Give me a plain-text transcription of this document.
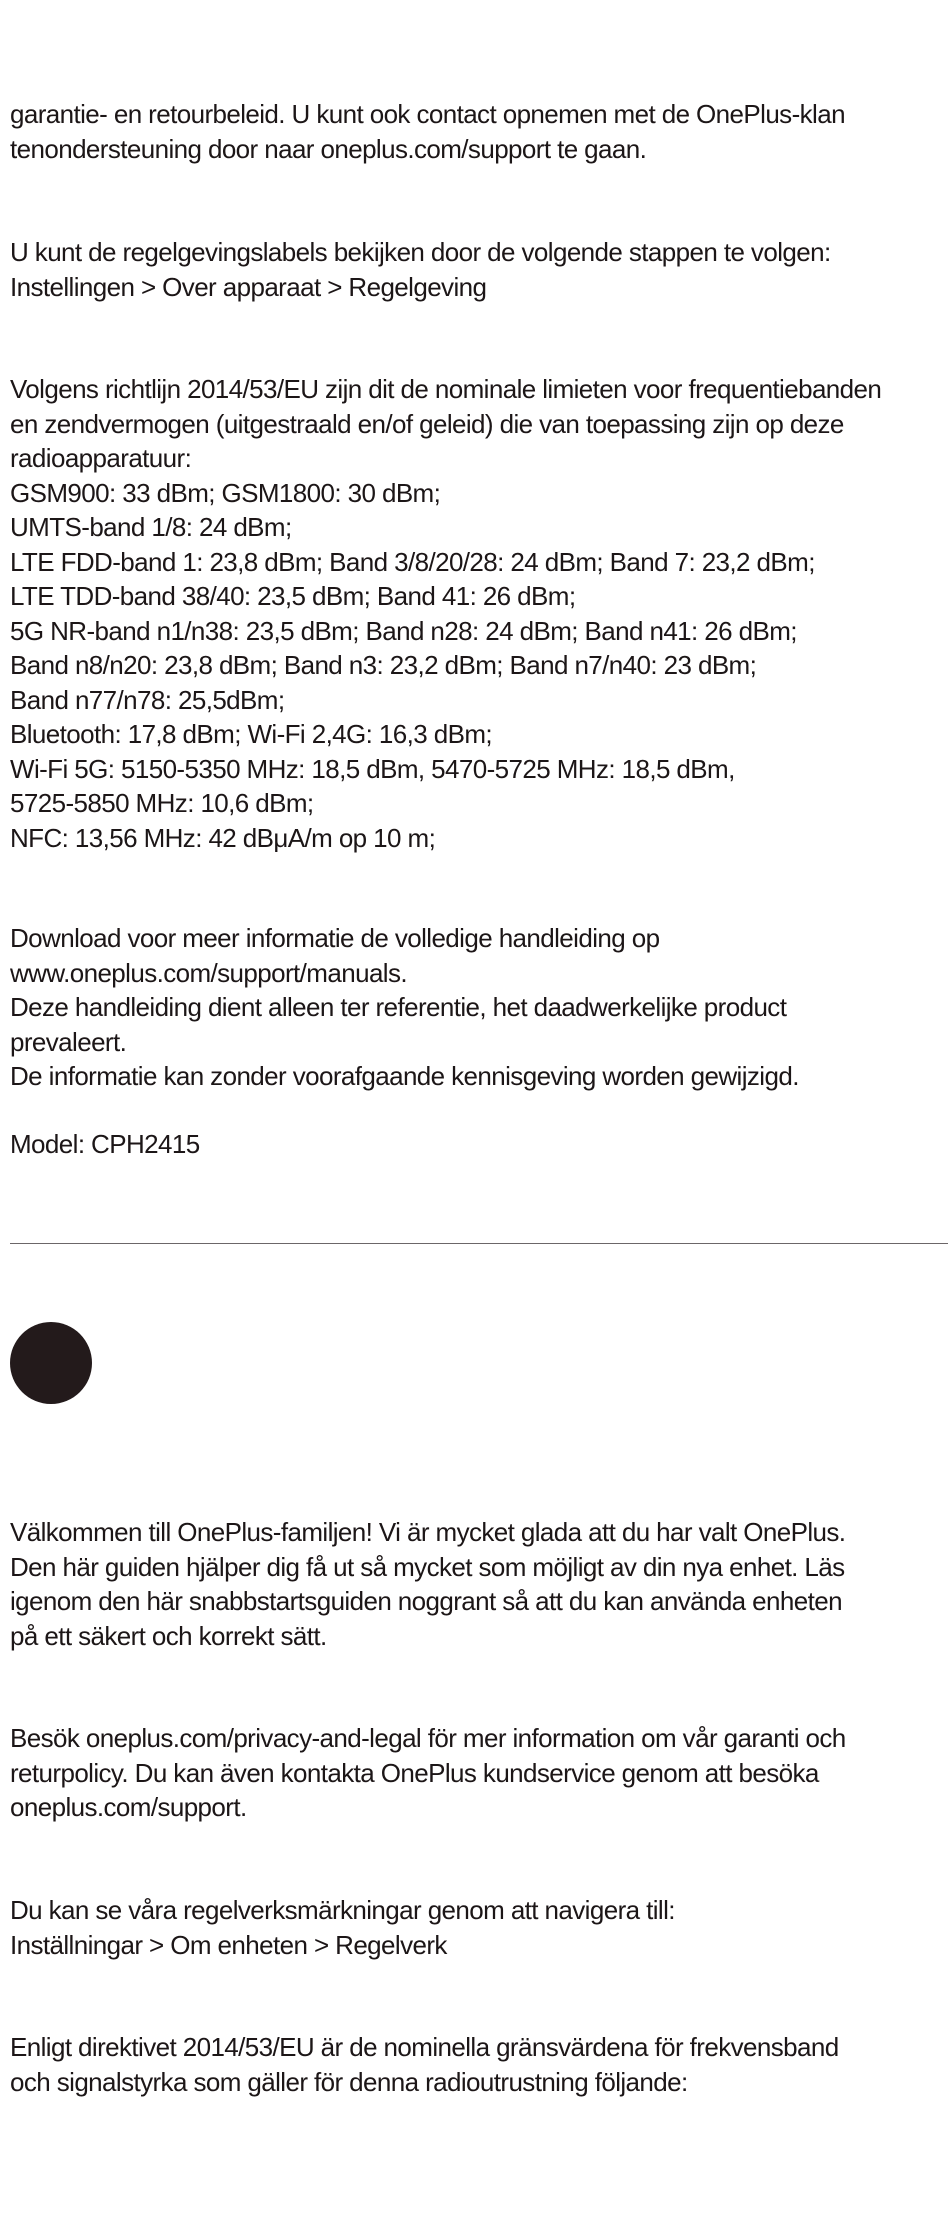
garantie- en retourbeleid. U kunt ook contact opnemen met de OnePlus-klan
tenondersteuning door naar oneplus.com/support te gaan.

U kunt de regelgevingslabels bekijken door de volgende stappen te volgen:
Instellingen > Over apparaat > Regelgeving

Volgens richtlijn 2014/53/EU zijn dit de nominale limieten voor frequentiebanden
en zendvermogen (uitgestraald en/of geleid) die van toepassing zijn op deze
radioapparatuur:
GSM900: 33 dBm; GSM1800: 30 dBm;
UMTS-band 1/8: 24 dBm;
LTE FDD-band 1: 23,8 dBm; Band 3/8/20/28: 24 dBm; Band 7: 23,2 dBm;
LTE TDD-band 38/40: 23,5 dBm; Band 41: 26 dBm;
5G NR-band n1/n38: 23,5 dBm; Band n28: 24 dBm; Band n41: 26 dBm;
Band n8/n20: 23,8 dBm; Band n3: 23,2 dBm; Band n7/n40: 23 dBm;
Band n77/n78: 25,5dBm;
Bluetooth: 17,8 dBm; Wi-Fi 2,4G: 16,3 dBm;
Wi-Fi 5G: 5150-5350 MHz: 18,5 dBm, 5470-5725 MHz: 18,5 dBm,
5725-5850 MHz: 10,6 dBm;
NFC: 13,56 MHz: 42 dBμA/m op 10 m;

Download voor meer informatie de volledige handleiding op
www.oneplus.com/support/manuals.
Deze handleiding dient alleen ter referentie, het daadwerkelijke product
prevaleert.
De informatie kan zonder voorafgaande kennisgeving worden gewijzigd.

Model: CPH2415

Välkommen till OnePlus-familjen! Vi är mycket glada att du har valt OnePlus.
Den här guiden hjälper dig få ut så mycket som möjligt av din nya enhet. Läs
igenom den här snabbstartsguiden noggrant så att du kan använda enheten
på ett säkert och korrekt sätt.

Besök oneplus.com/privacy-and-legal för mer information om vår garanti och
returpolicy. Du kan även kontakta OnePlus kundservice genom att besöka
oneplus.com/support.

Du kan se våra regelverksmärkningar genom att navigera till:
Inställningar > Om enheten > Regelverk

Enligt direktivet 2014/53/EU är de nominella gränsvärdena för frekvensband
och signalstyrka som gäller för denna radioutrustning följande:
